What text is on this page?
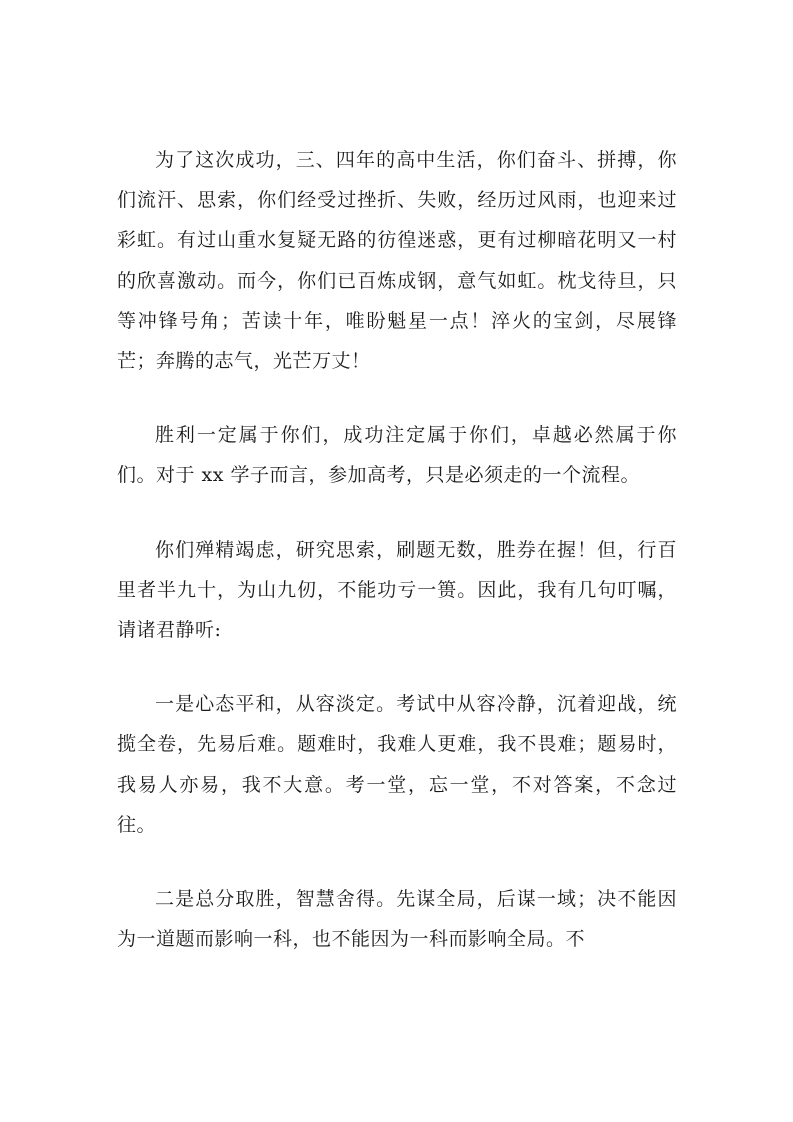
为了这次成功，三、四年的高中生活，你们奋斗、拼搏，你们流汗、思索，你们经受过挫折、失败，经历过风雨，也迎来过彩虹。有过山重水复疑无路的彷徨迷惑，更有过柳暗花明又一村的欣喜激动。而今，你们已百炼成钢，意气如虹。枕戈待旦，只等冲锋号角；苦读十年，唯盼魁星一点！淬火的宝剑，尽展锋芒；奔腾的志气，光芒万丈！

胜利一定属于你们，成功注定属于你们，卓越必然属于你们。对于 xx 学子而言，参加高考，只是必须走的一个流程。

你们殚精竭虑，研究思索，刷题无数，胜券在握！但，行百里者半九十，为山九仞，不能功亏一篑。因此，我有几句叮嘱，请诸君静听:

一是心态平和，从容淡定。考试中从容冷静，沉着迎战，统揽全卷，先易后难。题难时，我难人更难，我不畏难；题易时，我易人亦易，我不大意。考一堂，忘一堂，不对答案，不念过往。

二是总分取胜，智慧舍得。先谋全局，后谋一域；决不能因为一道题而影响一科，也不能因为一科而影响全局。不
